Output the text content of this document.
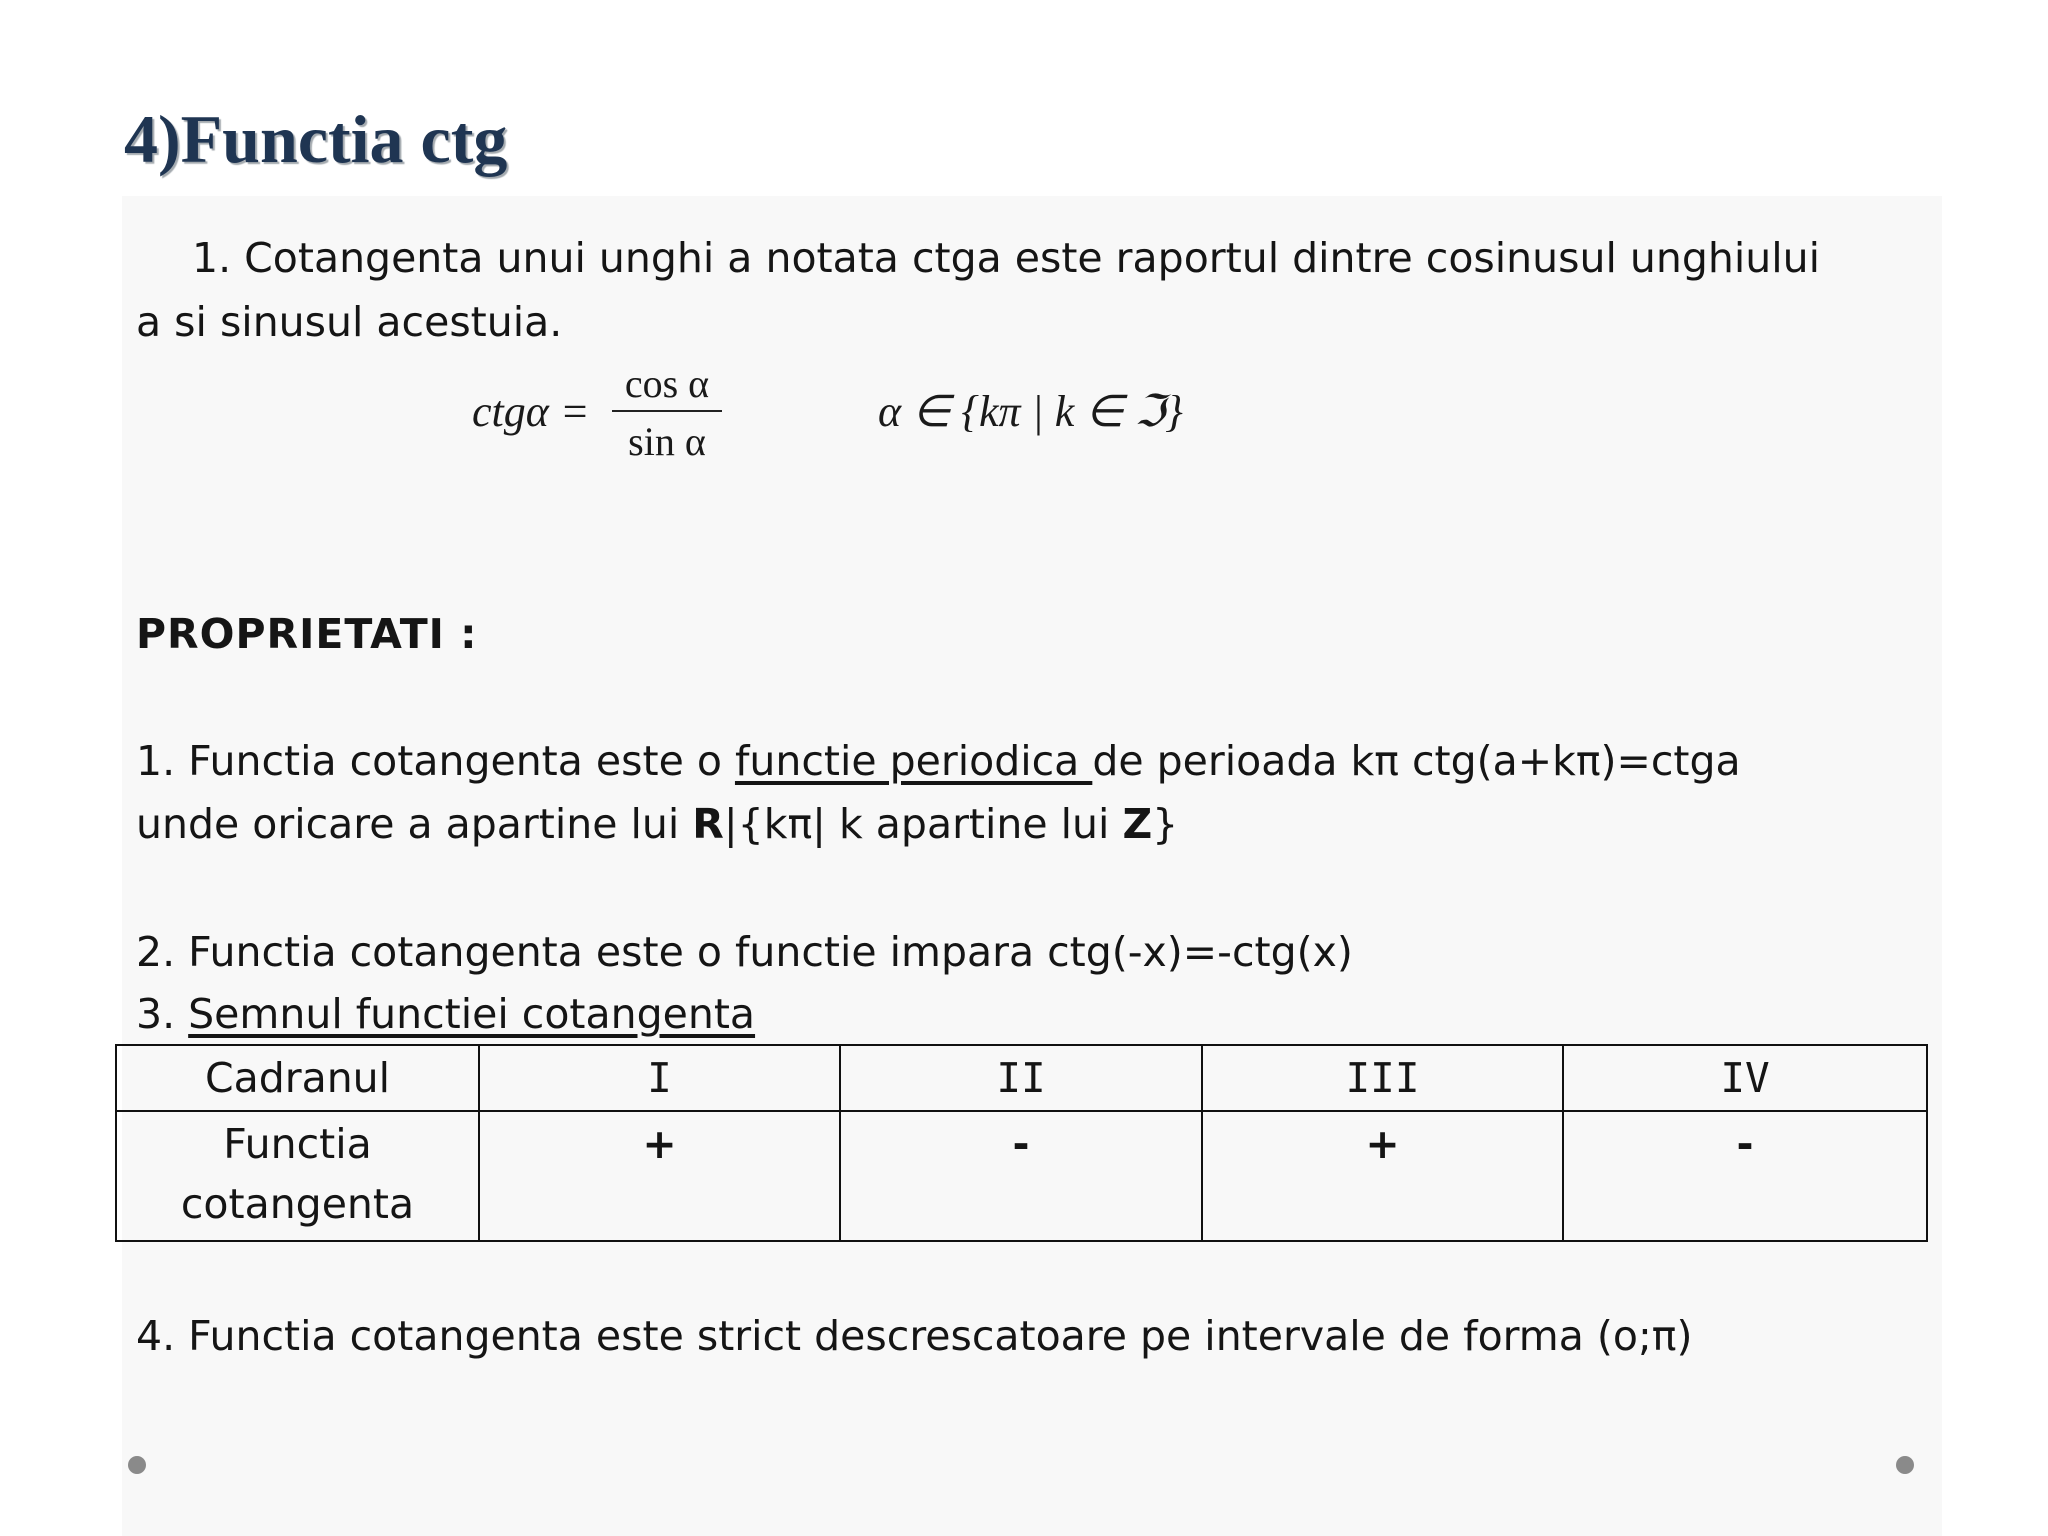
4)Functia ctg
1. Cotangenta unui unghi a notata ctga este raportul dintre cosinusul unghiului
a si sinusul acestuia.
$ctg\alpha = \frac{\text{cos α}}{\text{sin α}}$	α ∈ {kπ | k ∈ ℑ}
PROPRIETATI :
1. Functia cotangenta este o functie periodica de perioada kπ ctg(a+kπ)=ctga
unde oricare a apartine lui R|{kπ| k apartine lui Z}
2. Functia cotangenta este o functie impara ctg(-x)=-ctg(x)
3. Semnul functiei cotangenta
Cadranul	I	II	III	IV

Functia
cotangenta	+	-	+	-
4. Functia cotangenta este strict descrescatoare pe intervale de forma (o;π)
